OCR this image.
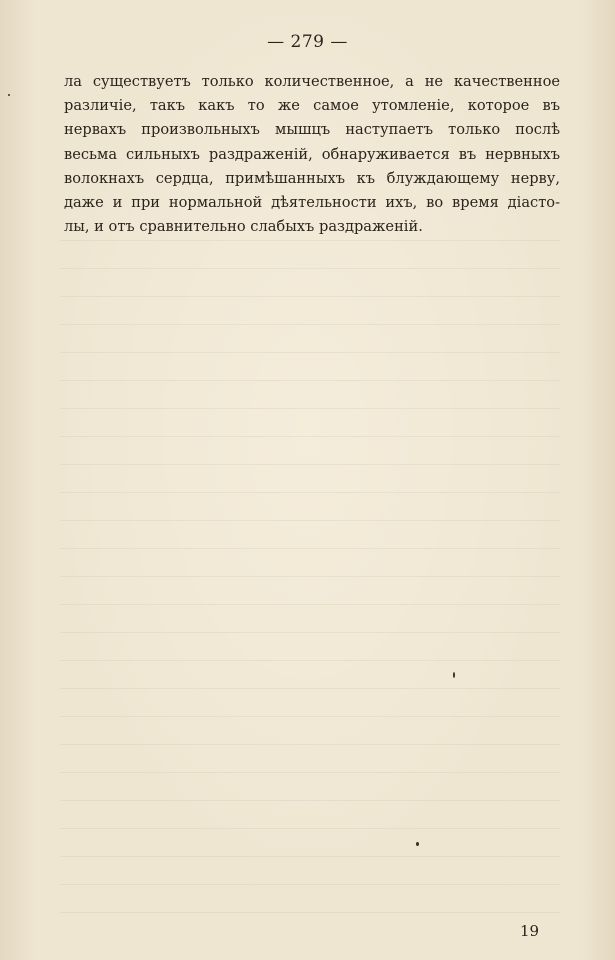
— 279 —
ла существуетъ только количественное, а не качественное
различіе, такъ какъ то же самое утомленіе, которое въ
нервахъ произвольныхъ мышцъ наступаетъ только послѣ
весьма сильныхъ раздраженій, обнаруживается въ нервныхъ
волокнахъ сердца, примѣшанныхъ къ блуждающему нерву,
даже и при нормальной дѣятельности ихъ, во время діасто-
лы, и отъ сравнительно слабыхъ раздраженій.
19
